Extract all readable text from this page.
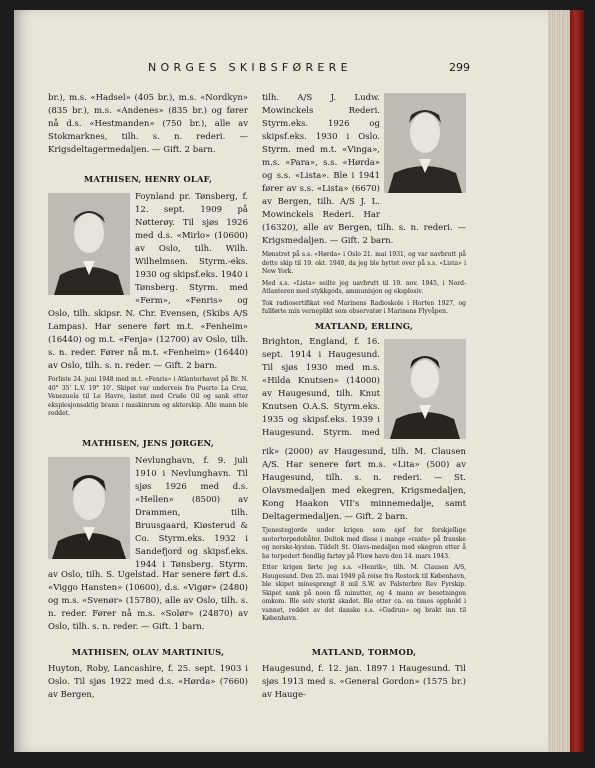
NORGES SKIBSFØRERE	299

br.), m.s. «Hadsel» (405 br.), m.s. «Nordkyn» (835 br.), m.s. «Andenes» (835 br.) og fører nå d.s. «Hestmanden» (750 br.), alle av Stokmarknes, tilh. s. n. rederi. — Krigsdeltagermedaljen. — Gift. 2 barn.

MATHISEN, HENRY OLAF,

Foynland pr. Tønsberg, f. 12. sept. 1909 på Nøtterøy. Til sjøs 1926 med d.s. «Mirlo» (10600) av Oslo, tilh. Wilh. Wilhelmsen. Styrm.-eks. 1930 og skipsf.eks. 1940 i Tønsberg. Styrm. med «Ferm», «Fenris» og

Oslo, tilh. skipsr. N. Chr. Evensen, (Skibs A/S Lampas). Har senere ført m.t. «Fenheim» (16440) og m.t. «Fenja» (12700) av Oslo, tilh. s. n. reder. Fører nå m.t. «Fenheim» (16440) av Oslo, tilh. s. n. reder. — Gift. 2 barn.

Forliste 24. juni 1948 med m.t. «Fenris» i Atlanterhavet på Br. N. 40° 35' L.V. 19° 10'. Skipet var underveis fra Puerto La Cruz, Venezuela til Le Havre, lastet med Crude Oil og sank etter eksplosjonsaktig brann i maskinrum og akterskip. Alle mann ble reddet.

MATHISEN, JENS JØRGEN,

Nevlunghavn, f. 9. juli 1910 i Nevlunghavn. Til sjøs 1926 med d.s. «Hellen» (8500) av Drammen, tilh. Bruusgaard, Kiøsterud & Co. Styrm.eks. 1932 i Sandefjord og skipsf.eks. 1944 i Tønsberg. Styrm.

av Oslo, tilh. S. Ugelstad. Har senere ført d.s. «Viggo Hansten» (10600), d.s. «Vigør» (2480) og m.s. «Svenør» (15780), alle av Oslo, tilh. s. n. reder. Fører nå m.s. «Solør» (24870) av Oslo, tilh. s. n. reder. — Gift. 1 barn.

MATHISEN, OLAV MARTINIUS,

Huyton, Roby, Lancashire, f. 25. sept. 1903 i Oslo. Til sjøs 1922 med d.s. «Hørda» (7660) av Bergen,

tilh. A/S J. Ludw. Mowinckels Rederi. Styrm.eks. 1926 og skipsf.eks. 1930 i Oslo. Styrm. med m.t. «Vinga», m.s. «Para», s.s. «Hørda» og s.s. «Lista». Ble i 1941 fører av s.s. «Lista» (6670) av Bergen, tilh. A/S J. L. Mowinckels Rederi. Har

(16320), alle av Bergen, tilh. s. n. rederi. — Krigsmedaljen. — Gift. 2 barn.

Mønstret på s.s. «Hørda» i Oslo 21. mai 1931, og var navbrutt på dette skip til 19. okt. 1940, da jeg ble hyttet over på s.s. «Lista» i New York.

Med s.s. «Lista» seilte jeg uavbrutt til 19. nov. 1945, i Nord-Atlanteren med stykkgods, ammunisjon og eksplosiv.

Tok radiosertifikat ved Marinens Radioskole i Horten 1927, og fullførte min verneplikt som observatør i Marinens Flyvåpen.

MATLAND, ERLING,

Brighton, England, f. 16. sept. 1914 i Haugesund. Til sjøs 1930 med m.s. «Hilda Knutsen» (14000) av Haugesund, tilh. Knut Knutsen O.A.S. Styrm.eks. 1935 og skipsf.eks. 1939 i Haugesund. Styrm. med

rik» (2000) av Haugesund, tilh. M. Clausen A/S. Har senere ført m.s. «Lita» (500) av Haugesund, tilh. s. n. rederi. — St. Olavsmedaljen med ekegren, Krigsmedaljen, Kong Haakon VII's minnemedalje, samt Deltagermedaljen. — Gift. 2 barn.

Tjenestegjorde under krigen som sjef for forskjellige motortorpedobåter. Deltok med disse i mange «raids» på franske og norske-kysten. Tildelt St. Olavs-medaljen med ekegren etter å ha torpedert fiendlig fartøy på Florø havn den 14. mars 1943.

Etter krigen førte jeg s.s. «Henrik», tilh. M. Clausen A/S, Haugesund. Den 25. mai 1949 på reise fra Rostock til København, ble skipet minesprengt 8 mil S.W. av Falsterbro Rev Fyrskip. Skipet sank på noen få minutter, og 4 mann av besetningen omkom. Ble selv sterkt skadet. Ble etter ca. en times opphold i vannet, reddet av det danske s.s. «Gudrun» og brakt inn til København.

MATLAND, TORMOD,

Haugesund, f. 12. jan. 1897 i Haugesund. Til sjøs 1913 med s. «General Gordon» (1575 br.) av Hauge-
